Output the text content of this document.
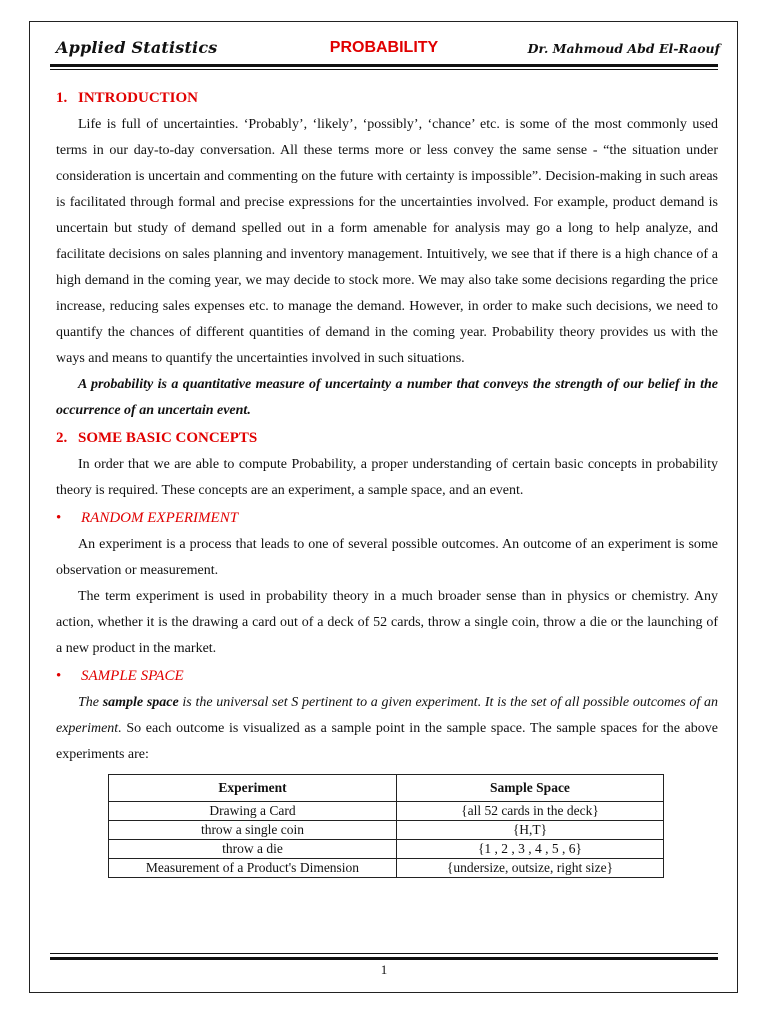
Applied Statistics	PROBABILITY	Dr. Mahmoud Abd El-Raouf
1. INTRODUCTION

Life is full of uncertainties. ‘Probably’, ‘likely’, ‘possibly’, ‘chance’ etc. is some of the most commonly used terms in our day-to-day conversation. All these terms more or less convey the same sense - “the situation under consideration is uncertain and commenting on the future with certainty is impossible”. Decision-making in such areas is facilitated through formal and precise expressions for the uncertainties involved. For example, product demand is uncertain but study of demand spelled out in a form amenable for analysis may go a long to help analyze, and facilitate decisions on sales planning and inventory management. Intuitively, we see that if there is a high chance of a high demand in the coming year, we may decide to stock more. We may also take some decisions regarding the price increase, reducing sales expenses etc. to manage the demand. However, in order to make such decisions, we need to quantify the chances of different quantities of demand in the coming year. Probability theory provides us with the ways and means to quantify the uncertainties involved in such situations.

A probability is a quantitative measure of uncertainty a number that conveys the strength of our belief in the occurrence of an uncertain event.

2. SOME BASIC CONCEPTS

In order that we are able to compute Probability, a proper understanding of certain basic concepts in probability theory is required. These concepts are an experiment, a sample space, and an event.

• RANDOM EXPERIMENT

An experiment is a process that leads to one of several possible outcomes. An outcome of an experiment is some observation or measurement.

The term experiment is used in probability theory in a much broader sense than in physics or chemistry. Any action, whether it is the drawing a card out of a deck of 52 cards, throw a single coin, throw a die or the launching of a new product in the market.

• SAMPLE SPACE

The sample space is the universal set S pertinent to a given experiment. It is the set of all possible outcomes of an experiment. So each outcome is visualized as a sample point in the sample space. The sample spaces for the above experiments are:

Experiment	Sample Space
Drawing a Card	{all 52 cards in the deck}
throw a single coin	{H,T}
throw a die	{1 , 2 , 3 , 4 , 5 , 6}
Measurement of a Product's Dimension	{undersize, outsize, right size}
1
